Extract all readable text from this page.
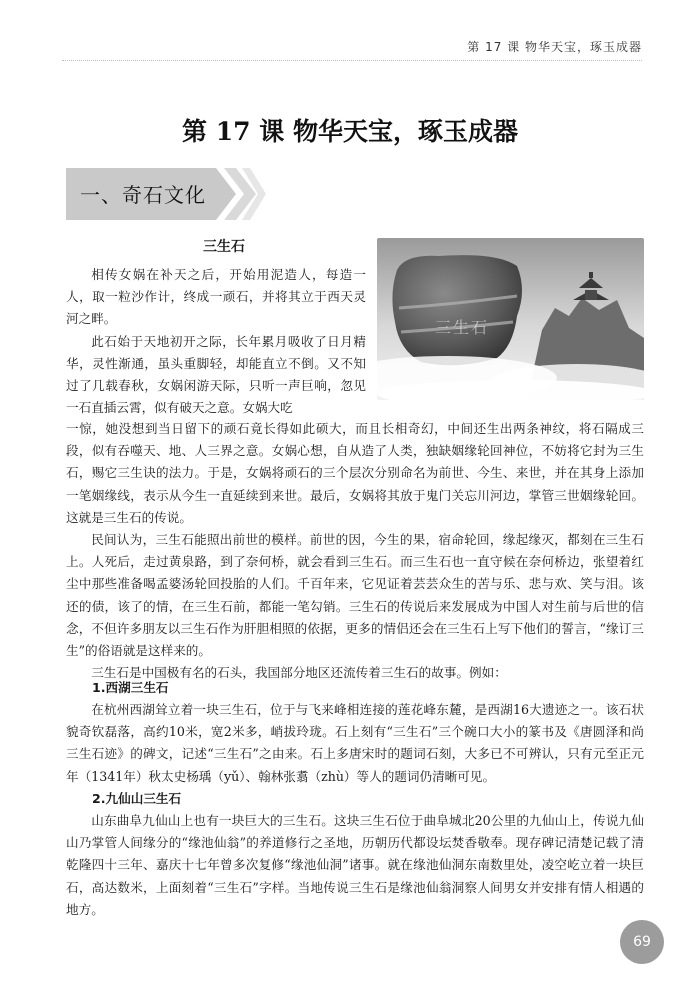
第 17 课 物华天宝，琢玉成器
第 17 课 物华天宝，琢玉成器
一、奇石文化
三生石
三生石

相传女娲在补天之后，开始用泥造人，每造一人，取一粒沙作计，终成一顽石，并将其立于西天灵河之畔。

此石始于天地初开之际，长年累月吸收了日月精华，灵性渐通，虽头重脚轻，却能直立不倒。又不知过了几载春秋，女娲闲游天际，只听一声巨响，忽见一石直插云霄，似有破天之意。女娲大吃

一惊，她没想到当日留下的顽石竟长得如此硕大，而且长相奇幻，中间还生出两条神纹，将石隔成三段，似有吞噬天、地、人三界之意。女娲心想，自从造了人类，独缺姻缘轮回神位，不妨将它封为三生石，赐它三生诀的法力。于是，女娲将顽石的三个层次分别命名为前世、今生、来世，并在其身上添加一笔姻缘线，表示从今生一直延续到来世。最后，女娲将其放于鬼门关忘川河边，掌管三世姻缘轮回。这就是三生石的传说。

民间认为，三生石能照出前世的模样。前世的因，今生的果，宿命轮回，缘起缘灭，都刻在三生石上。人死后，走过黄泉路，到了奈何桥，就会看到三生石。而三生石也一直守候在奈何桥边，张望着红尘中那些准备喝孟婆汤轮回投胎的人们。千百年来，它见证着芸芸众生的苦与乐、悲与欢、笑与泪。该还的债，该了的情，在三生石前，都能一笔勾销。三生石的传说后来发展成为中国人对生前与后世的信念，不但许多朋友以三生石作为肝胆相照的依据，更多的情侣还会在三生石上写下他们的誓言，“缘订三生”的俗语就是这样来的。

三生石是中国极有名的石头，我国部分地区还流传着三生石的故事。例如：

1.西湖三生石

在杭州西湖耸立着一块三生石，位于与飞来峰相连接的莲花峰东麓，是西湖16大遗迹之一。该石状貌奇钦磊落，高约10米，宽2米多，峭拔玲珑。石上刻有“三生石”三个碗口大小的篆书及《唐圆泽和尚三生石迹》的碑文，记述“三生石”之由来。石上多唐宋时的题词石刻，大多已不可辨认，只有元至正元年（1341年）秋太史杨瑀（yǔ）、翰林张翥（zhù）等人的题词仍清晰可见。

2.九仙山三生石

山东曲阜九仙山上也有一块巨大的三生石。这块三生石位于曲阜城北20公里的九仙山上，传说九仙山乃掌管人间缘分的“缘池仙翁”的养道修行之圣地，历朝历代都设坛焚香敬奉。现存碑记清楚记载了清乾隆四十三年、嘉庆十七年曾多次复修“缘池仙洞”诸事。就在缘池仙洞东南数里处，凌空屹立着一块巨石，高达数米，上面刻着“三生石”字样。当地传说三生石是缘池仙翁洞察人间男女并安排有情人相遇的地方。

69
